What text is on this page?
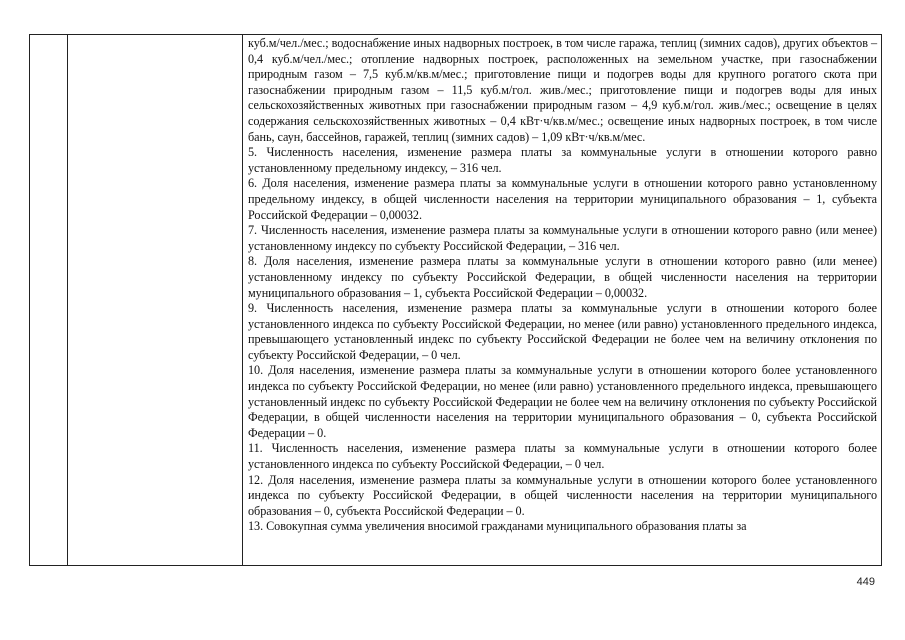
куб.м/чел./мес.; водоснабжение иных надворных построек, в том числе гаража, теплиц (зимних садов), других объектов – 0,4 куб.м/чел./мес.; отопление надворных построек, расположенных на земельном участке, при газоснабжении природным газом – 7,5 куб.м/кв.м/мес.; приготовление пищи и подогрев воды для крупного рогатого скота при газоснабжении природным газом – 11,5 куб.м/гол. жив./мес.; приготовление пищи и подогрев воды для иных сельскохозяйственных животных при газоснабжении природным газом – 4,9 куб.м/гол. жив./мес.; освещение в целях содержания сельскохозяйственных животных – 0,4 кВт·ч/кв.м/мес.; освещение иных надворных построек, в том числе бань, саун, бассейнов, гаражей, теплиц (зимних садов) – 1,09 кВт·ч/кв.м/мес.

5. Численность населения, изменение размера платы за коммунальные услуги в отношении которого равно установленному предельному индексу, – 316 чел.

6. Доля населения, изменение размера платы за коммунальные услуги в отношении которого равно установленному предельному индексу, в общей численности населения на территории муниципального образования – 1, субъекта Российской Федерации – 0,00032.

7. Численность населения, изменение размера платы за коммунальные услуги в отношении которого равно (или менее) установленному индексу по субъекту Российской Федерации, – 316 чел.

8. Доля населения, изменение размера платы за коммунальные услуги в отношении которого равно (или менее) установленному индексу по субъекту Российской Федерации, в общей численности населения на территории муниципального образования – 1, субъекта Российской Федерации – 0,00032.

9. Численность населения, изменение размера платы за коммунальные услуги в отношении которого более установленного индекса по субъекту Российской Федерации, но менее (или равно) установленного предельного индекса, превышающего установленный индекс по субъекту Российской Федерации не более чем на величину отклонения по субъекту Российской Федерации, – 0 чел.

10. Доля населения, изменение размера платы за коммунальные услуги в отношении которого более установленного индекса по субъекту Российской Федерации, но менее (или равно) установленного предельного индекса, превышающего установленный индекс по субъекту Российской Федерации не более чем на величину отклонения по субъекту Российской Федерации, в общей численности населения на территории муниципального образования – 0, субъекта Российской Федерации – 0.

11. Численность населения, изменение размера платы за коммунальные услуги в отношении которого более установленного индекса по субъекту Российской Федерации, – 0 чел.

12. Доля населения, изменение размера платы за коммунальные услуги в отношении которого более установленного индекса по субъекту Российской Федерации, в общей численности населения на территории муниципального образования – 0, субъекта Российской Федерации – 0.

13. Совокупная сумма увеличения вносимой гражданами муниципального образования платы за

449
